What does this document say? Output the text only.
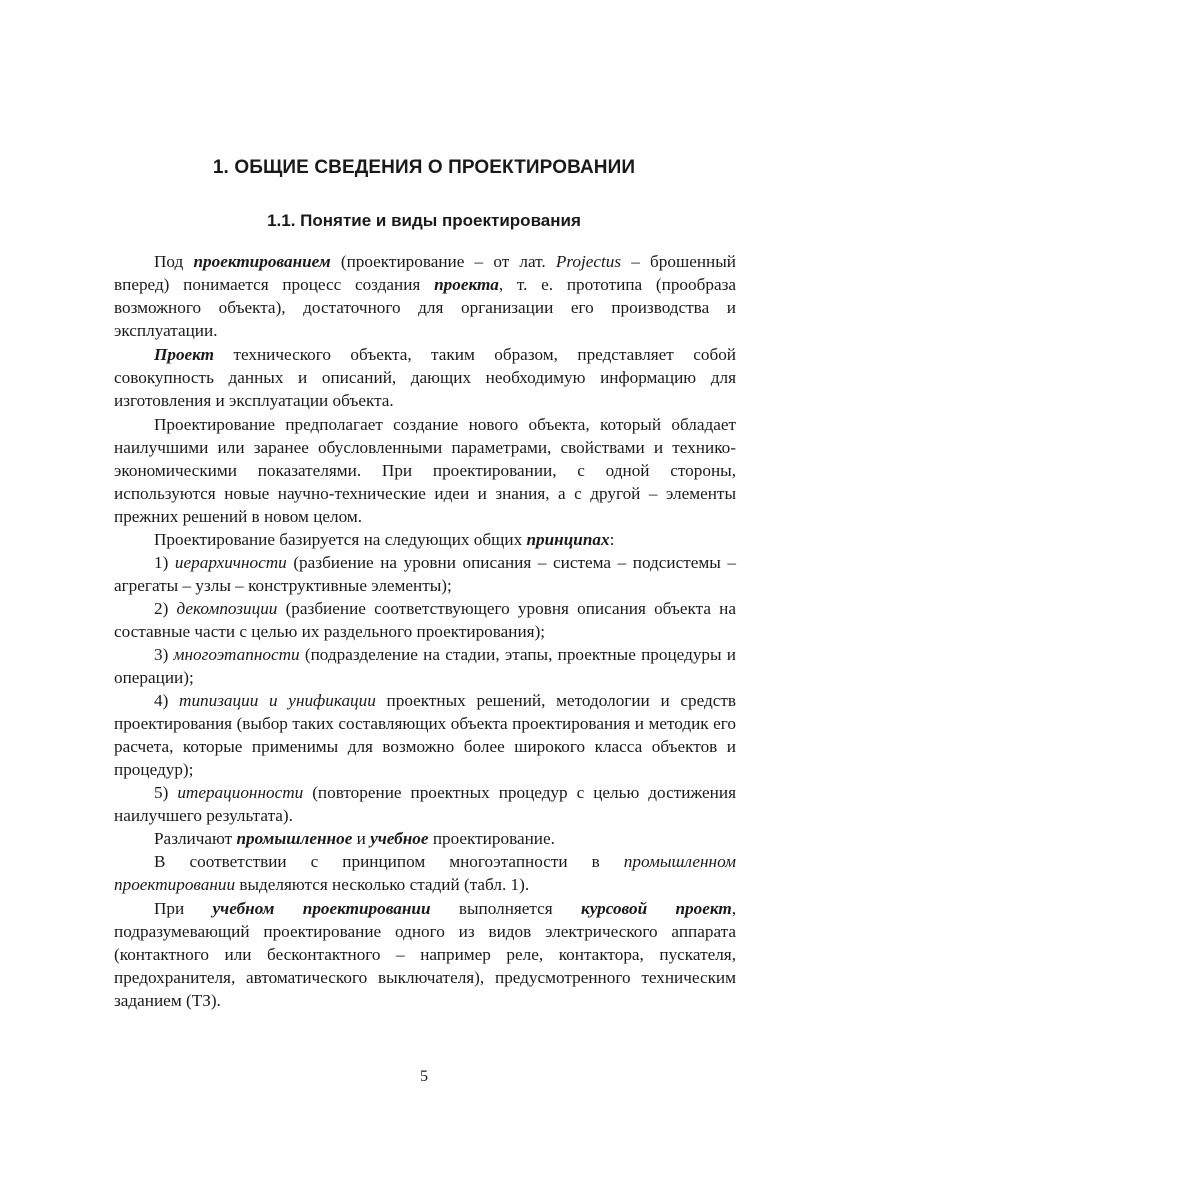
1. ОБЩИЕ СВЕДЕНИЯ О ПРОЕКТИРОВАНИИ
1.1. Понятие и виды проектирования

Под проектированием (проектирование – от лат. Projectus – брошенный вперед) понимается процесс создания проекта, т. е. прототипа (прообраза возможного объекта), достаточного для организации его производства и эксплуатации.

Проект технического объекта, таким образом, представляет собой совокупность данных и описаний, дающих необходимую информацию для изготовления и эксплуатации объекта.

Проектирование предполагает создание нового объекта, который обладает наилучшими или заранее обусловленными параметрами, свойствами и технико-экономическими показателями. При проектировании, с одной стороны, используются новые научно-технические идеи и знания, а с другой – элементы прежних решений в новом целом.

Проектирование базируется на следующих общих принципах:

1) иерархичности (разбиение на уровни описания – система – подсистемы – агрегаты – узлы – конструктивные элементы);

2) декомпозиции (разбиение соответствующего уровня описания объекта на составные части с целью их раздельного проектирования);

3) многоэтапности (подразделение на стадии, этапы, проектные процедуры и операции);

4) типизации и унификации проектных решений, методологии и средств проектирования (выбор таких составляющих объекта проектирования и методик его расчета, которые применимы для возможно более широкого класса объектов и процедур);

5) итерационности (повторение проектных процедур с целью достижения наилучшего результата).

Различают промышленное и учебное проектирование.

В соответствии с принципом многоэтапности в промышленном проектировании выделяются несколько стадий (табл. 1).

При учебном проектировании выполняется курсовой проект, подразумевающий проектирование одного из видов электрического аппарата (контактного или бесконтактного – например реле, контактора, пускателя, предохранителя, автоматического выключателя), предусмотренного техническим заданием (ТЗ).

5
